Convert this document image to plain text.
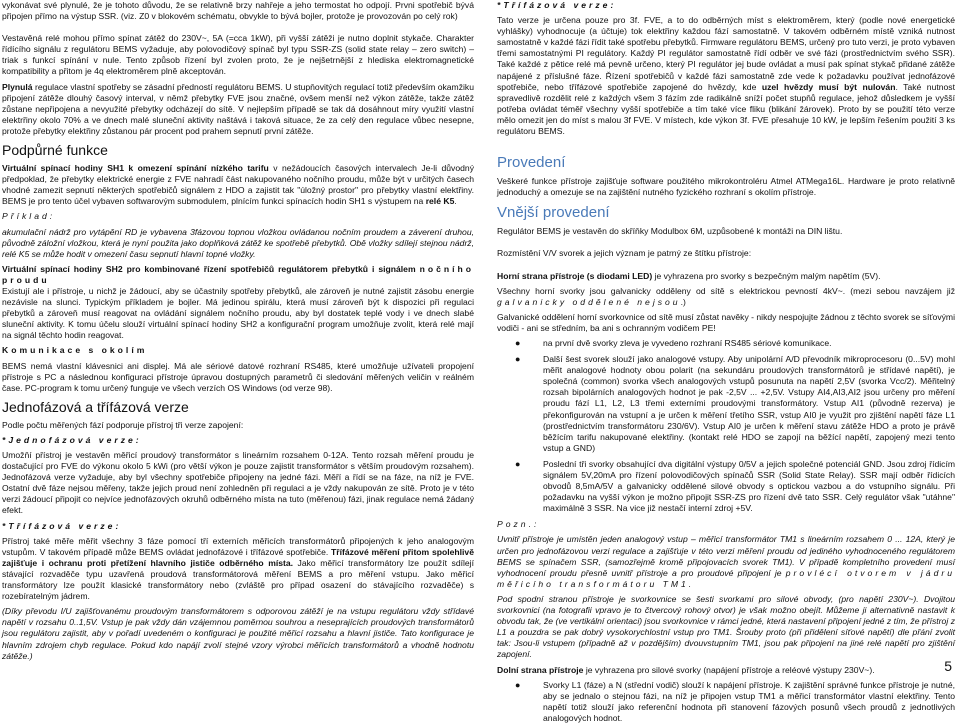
vykonávat své plynulé, že je tohoto důvodu, že se relativně brzy nahřeje a jeho termostat ho odpojí. Prvni spotřebič bývá připojen přímo na výstup SSR. (viz. Z0 v blokovém schématu, obvykle to bývá bojler, protože je provozován po celý rok)

Vestavěná relé mohou přímo spínat zátěž do 230V~, 5A (=cca 1kW), při vyšší zátěži je nutno doplnit stykače. Charakter řídícího signálu z regulátoru BEMS vyžaduje, aby polovodičový spínač byl typu SSR-ZS (solid state relay – zero switch) – triak s funkcí spínání v nule. Tento způsob řízení byl zvolen proto, že je nejšetrnější z hlediska elektromagnetické kompatibility a přitom je 4q elektroměrem plně akceptován.

Plynulá regulace vlastní spotřeby se zásadní předností regulátoru BEMS. U stupňovitých regulací totiž především okamžiku připojení zátěže dlouhý časový interval, v němž přebytky FVE jsou značné, ovšem menší než výkon zátěže, takže zátěž zůstane nepřipojena a nevyužité přebytky odcházejí do sítě. V nejlepším případě se tak dá dosáhnout míry využití vlastní elektrřiny okolo 70% a ve dnech malé sluneční aktivity naštává i taková situace, že za celý den regulace vůbec nesepne, protože přebytky elektřiny zůstanou pár procent pod prahem sepnutí první zátěže.

Podpůrné funkce

Virtuální spínací hodiny SH1 k omezení spínání nízkého tarifu v nežádoucích časových intervalech Je-li důvodný předpoklad, že přebytky elektrické energie z FVE nahradí část nakupovaného nočního proudu, může být v určitých časech vhodné zamezit sepnutí některých spotřebičů signálem z HDO a zajistit tak "úložný prostor" pro přebytky vlastní elektřiny. BEMS je pro tento účel vybaven softwarovým submodulem, plnícím funkci spínacích hodin SH1 s výstupem na relé K5.

Příklad:

akumulační nádrž pro vytápění RD je vybavena 3fázovou topnou vložkou ovládanou nočním proudem a záverení druhou, původně záložní vložkou, která je nyní použita jako doplňková zátěž ke spotřebě přebytků. Obě vložky sdílejí stejnou nádrž, relé K5 se může hodit v omezení času sepnutí hlavní topné vložky.

Virtuální spínací hodiny SH2 pro kombinované řízení spotřebičů regulátorem přebytků i signálem nočního proudu
Existují ale i přístroje, u nichž je žádoucí, aby se účastnily spotřeby přebytků, ale zároveň je nutné zajistit zásobu energie nezávisle na slunci. Typickým příkladem je bojler. Má jedinou spirálu, která musí zároveň být k dispozici při regulaci přebytků a zároveň musí reagovat na ovládání signálem nočního proudu, aby byl dostatek teplé vody i ve dnech slabé sluneční aktivity. K tomu účelu slouží virtuální spínací hodiny SH2 a konfigurační program umožňuje zvolit, která relé mají na signál těchto hodin reagovat.

Komunikace s okolím

BEMS nemá vlastní klávesnici ani displej. Má ale sériové datové rozhraní RS485, které umožňuje užívateli propojení přístroje s PC a následnou konfiguraci přístroje úpravou dostupných parametrů či sledování měřených veličin v reálném čase. PC-program k tomu určený funguje ve všech verzích OS Windows (od verze 98).

Jednofázová a třífázová verze

Podle počtu měřených fází podporuje přístroj tři verze zapojení:

*Jednofázová verze:

Umožňí přístroj je vestavěn měřicí proudový transformátor s lineárním rozsahem 0-12A. Tento rozsah měření proudu je dostačující pro FVE do výkonu okolo 5 kWi (pro větší výkon je pouze zajistit transformátor s větším proudovým rozsahem). Jednofázová verze vyžaduje, aby byl všechny spotřebiče připojeny na jedné fázi. Měří a řídí se na fáze, na níž je FVE. Ostatní dvě fáze nejsou měřeny, takže jejich proud není zohledněn při regulaci a je vždy nakupován ze sítě. Proto je v této verzi žádoucí připojit co nejvíce jednofázových okruhů odběrného místa na tuto (měřenou) fázi, jinak regulace nemá žádaný efekt.

*Třífázová verze:

Přístroj také měře měřit všechny 3 fáze pomocí tří externích měřicích transformátorů připojených k jeho analogovým vstupům. V takovém případě může BEMS ovládat jednofázové i třífázové spotřebiče. Třífázové měření přitom spolehlivě zajišťuje i ochranu proti přetížení hlavního jističe odběrného místa. Jako měřicí transformátory lze použít sdílejí stávající rozvaděče typu uzavřená proudová transformátorová měření BEMS a pro měření vstupu. Jako měřicí transformátory lze použít klasické transformátory nebo (zvláště pro případ osazení do stávajícího rozvaděče) s rozebíratelným jádrem.

(Díky převodu I/U zajišťovanému proudovým transformátorem s odporovou zátěží je na vstupu regulátoru vždy střídavé napětí v rozsahu 0..1,5V. Vstup je pak vždy dán vzájemnou poměrnou souhrou a neseprajících proudových transformátorů jsou regulátoru zajistit, aby v pořadí uvedeném o konfiguraci je použité měřicí rozsahu a hlavní jističe. Tato konfigurace je hlavním zdrojem chyb regulace. Pokud kdo napájí zvolí stejné vzory výrobci měřicích transformátorů a vhodně hodnotu zátěže.)

*Třífázová verze:

Tato verze je určena pouze pro 3f. FVE, a to do odběrných míst s elektroměrem, který (podle nové energetické vyhlášky) vyhodnocuje (a účtuje) tok elektřiny každou fází samostatně. V takovém odběrném místě vzniká nutnost samostatně v každé fázi řídit také spotřebu přebytků. Firmware regulátoru BEMS, určený pro tuto verzi, je proto vybaven třemi samostatnými PI regulátory. Každý PI regulátor samostatně řídí odběr ve své fázi (prostřednictvím svého SSR). Také každé z pětice relé má pevně určeno, který PI regulátor jej bude ovládat a musí pak spínat stykač přidané zátěže napájené z příslušné fáze. Řízení spotřebičů v každé fázi samostatně zde vede k požadavku používat jednofázové spotřebiče, nebo třífázové spotřebiče zapojené do hvězdy, kde uzel hvězdy musí být nulován. Také nutnost spravedlivě rozdělit relé z každých všem 3 fázím zde radikálně sníží počet stupňů regulace, jehož důsledkem je vyšší potřeba ovládat téměř všechny vyšší spotřebiče a tím také více fliku (blikání žárovek). Proto by se použití této verze mělo omezit jen do míst s malou 3f FVE. V místech, kde výkon 3f. FVE přesahuje 10 kW, je lepším řešením použití 3 ks regulátoru BEMS.

Provedení

Veškeré funkce přístroje zajišťuje software použitého mikrokontroléru Atmel ATMega16L. Hardware je proto relativně jednoduchý a omezuje se na zajištění nutného fyzického rozhraní s okolím přístroje.

Vnější provedení

Regulátor BEMS je vestavěn do skříňky Modulbox 6M, uzpůsobené k montáži na DIN lištu.

Rozmístění V/V svorek a jejich význam je patrný ze štítku přístroje:

Horní strana přístroje (s diodami LED) je vyhrazena pro svorky s bezpečným malým napětím (5V).

Všechny horní svorky jsou galvanicky odděleny od sítě s elektrickou pevností 4kV~. (mezi sebou navzájem již galvanicky oddělené nejsou.)

Galvanické oddělení horní svorkovnice od sítě musí zůstat navěky - nikdy nespojujte žádnou z těchto svorek se síťovými vodiči - ani se středním, ba ani s ochranným vodičem PE!

●	na první dvě svorky zleva je vyvedeno rozhraní RS485 sériové komunikace.

●	Další šest svorek slouží jako analogové vstupy. Aby unipolární A/D převodník mikroprocesoru (0...5V) mohl měřit analogové hodnoty obou polarit (na sekundáru proudových transformátorů je střídavé napětí), je společná (common) svorka všech analogových vstupů posunuta na napětí 2,5V (svorka Vcc/2). Měřitelný rozsah bipolárních analogových hodnot je pak -2,5V ... +2,5V. Vstupy AI4,AI3,AI2 jsou určeny pro měření proudu fází L1, L2, L3 třemi externími proudovými transformátory. Vstup AI1 (původně rezerva) je překonfigurován na vstupní a je určen k měření třetího SSR, vstup AI0 je využit pro zjištění napětí fáze L1 (prostřednictvím transformátoru 230/6V). Vstup AI0 je určen k měření stavu zátěže HDO a proto je právě běžícím tarifu nakupované elektřiny. (kontakt relé HDO se zapojí na běžící napětí, zapojený mezi tento vstup a GND)

●	Poslední tři svorky obsahující dva digitální výstupy 0/5V a jejich společné potenciál GND. Jsou zdroj řídicím signálem 5V,20mA pro řízení polovodičových spínačů SSR (Solid State Relay). SSR mají odběr řídicích obvodů 8,5mA/5V a galvanicky oddělené silové obvody s optickou vazbou a do vstupního signálu. Při požadavku na vyšší výkon je možno připojit SSR-ZS pro řízení dvě tato SSR. Celý regulátor však "utáhne" maximálně 3 SSR. Na vice již nestačí interní zdroj +5V.

Pozn.:

Uvnitř přístroje je umístěn jeden analogový vstup – měřicí transformátor TM1 s lineárním rozsahem 0 ... 12A, který je určen pro jednofázovou verzi regulace a zajišťuje v této verzi měření proudu od jediného vyhodnoceného regulátorem BEMS se spínačem SSR, (samozřejmě kromě připojovacích svorek TM1). V případě kompletního provedení musí vyhodnocení proudu přesně uvnitř přístroje a pro proudové připojení je provlécí otvorem v jádru měřicího transformátoru TM1.

Pod spodní stranou přístroje je svorkovnice se šesti svorkami pro silové obvody, (pro napětí 230V~). Dvojitou svorkovnici (na fotografii vpravo je to čtvercový rohový otvor) je však možno obejít. Můžeme ji alternativně nastavit k obvodu tak, že (ve vertikální orientaci) jsou svorkovnice v rámci jedné, která nastavení připojení jedné z tím, že přístroj z L1 a pouzdra se pak dobrý vysokorychlostní vstup pro TM1. Šrouby proto (při přidělení síťové napětí) dle přání zvolit tak: Jsou-li vstupem (případně až v pozdějším) dvouvstupním TM1, jsou pak připojení na jiné relé napětí pro zjištění zapojení.

Dolní strana přístroje je vyhrazena pro silové svorky (napájení přístroje a reléové výstupy 230V~).

●	Svorky L1 (fáze) a N (střední vodič) slouží k napájení přístroje. K zajištění správné funkce přístroje je nutné, aby se jednalo o stejnou fázi, na níž je připojen vstup TM1 a měřicí transformátor vlastní elektřiny. Tento napětí totiž slouží jako referenční hodnota při stanovení fázových posunů všech proudů z jednotlivých analogových hodnot.

5
